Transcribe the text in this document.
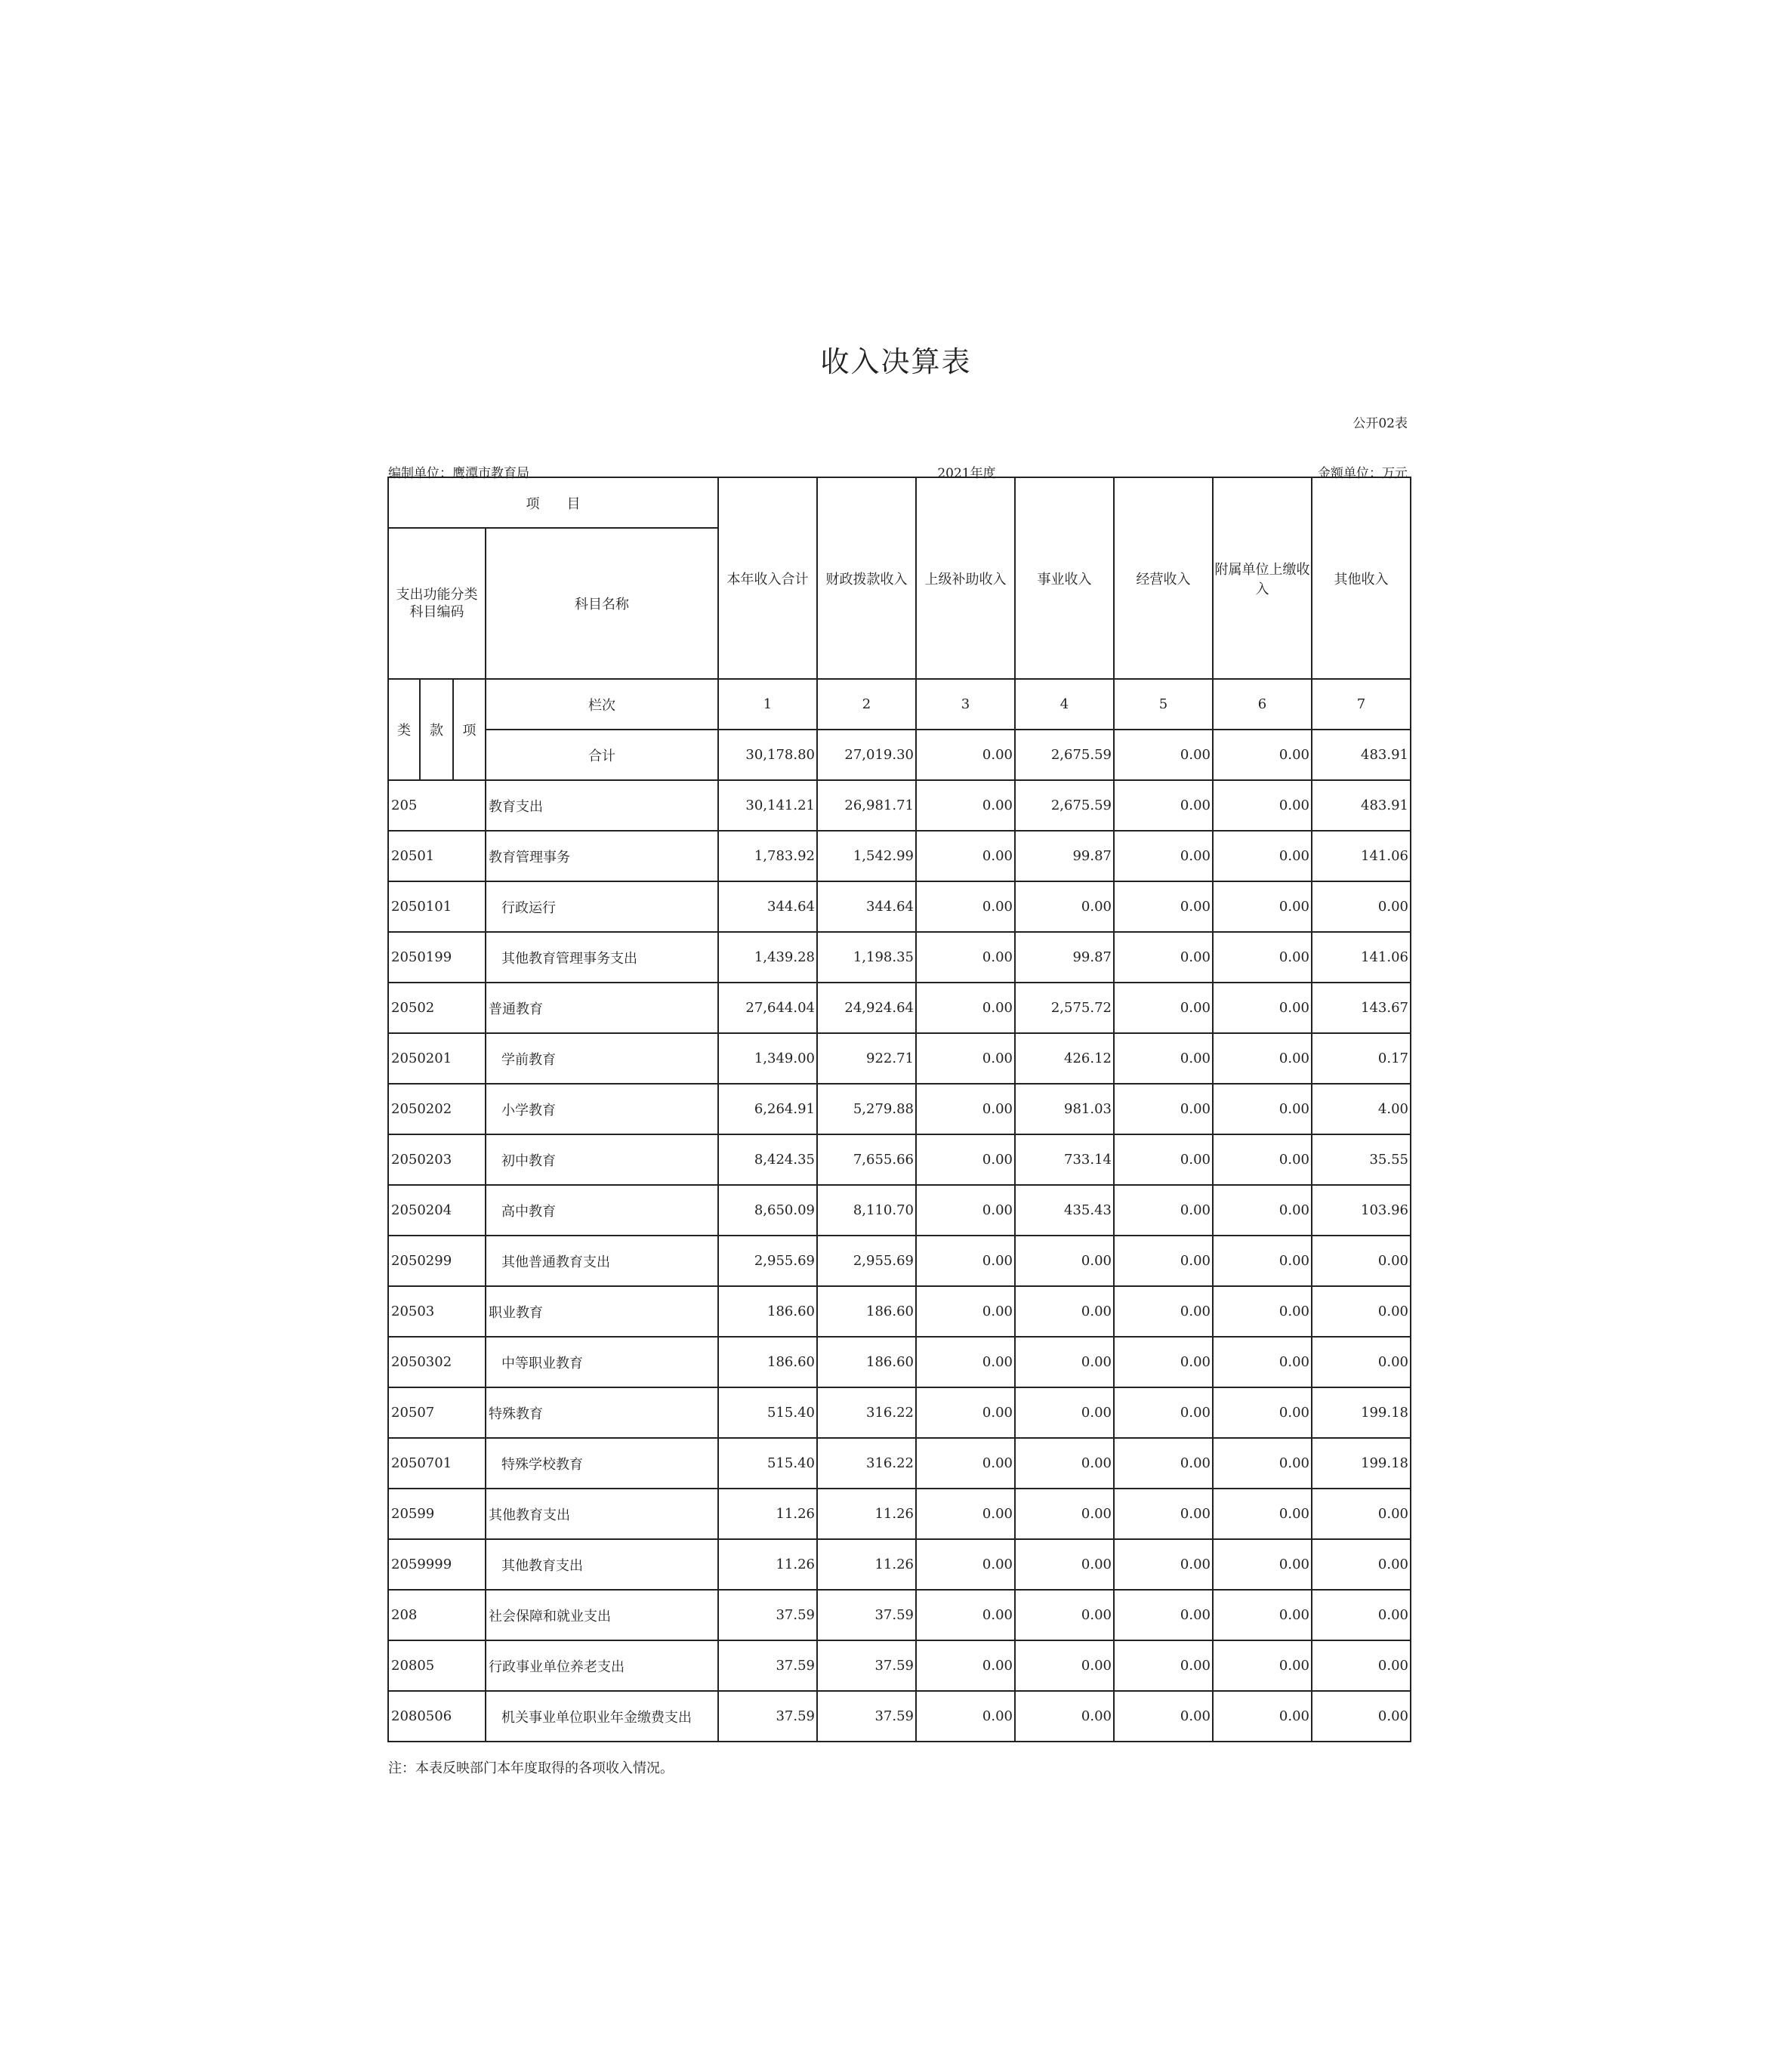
收入决算表
公开02表
编制单位：鹰潭市教育局	2021年度	金额单位：万元
项　　目				本年收入合计	财政拨款收入	上级补助收入	事业收入	经营收入	附属单位上缴收入	其他收入
支出功能分类
科目编码			科目名称							
类	款	项	栏次	1	2	3	4	5	6	7
			合计	30,178.80	27,019.30	0.00	2,675.59	0.00	0.00	483.91
205			教育支出	30,141.21	26,981.71	0.00	2,675.59	0.00	0.00	483.91
20501			教育管理事务	1,783.92	1,542.99	0.00	99.87	0.00	0.00	141.06
2050101			行政运行	344.64	344.64	0.00	0.00	0.00	0.00	0.00
2050199			其他教育管理事务支出	1,439.28	1,198.35	0.00	99.87	0.00	0.00	141.06
20502			普通教育	27,644.04	24,924.64	0.00	2,575.72	0.00	0.00	143.67
2050201			学前教育	1,349.00	922.71	0.00	426.12	0.00	0.00	0.17
2050202			小学教育	6,264.91	5,279.88	0.00	981.03	0.00	0.00	4.00
2050203			初中教育	8,424.35	7,655.66	0.00	733.14	0.00	0.00	35.55
2050204			高中教育	8,650.09	8,110.70	0.00	435.43	0.00	0.00	103.96
2050299			其他普通教育支出	2,955.69	2,955.69	0.00	0.00	0.00	0.00	0.00
20503			职业教育	186.60	186.60	0.00	0.00	0.00	0.00	0.00
2050302			中等职业教育	186.60	186.60	0.00	0.00	0.00	0.00	0.00
20507			特殊教育	515.40	316.22	0.00	0.00	0.00	0.00	199.18
2050701			特殊学校教育	515.40	316.22	0.00	0.00	0.00	0.00	199.18
20599			其他教育支出	11.26	11.26	0.00	0.00	0.00	0.00	0.00
2059999			其他教育支出	11.26	11.26	0.00	0.00	0.00	0.00	0.00
208			社会保障和就业支出	37.59	37.59	0.00	0.00	0.00	0.00	0.00
20805			行政事业单位养老支出	37.59	37.59	0.00	0.00	0.00	0.00	0.00
2080506			机关事业单位职业年金缴费支出	37.59	37.59	0.00	0.00	0.00	0.00	0.00
注：本表反映部门本年度取得的各项收入情况。
